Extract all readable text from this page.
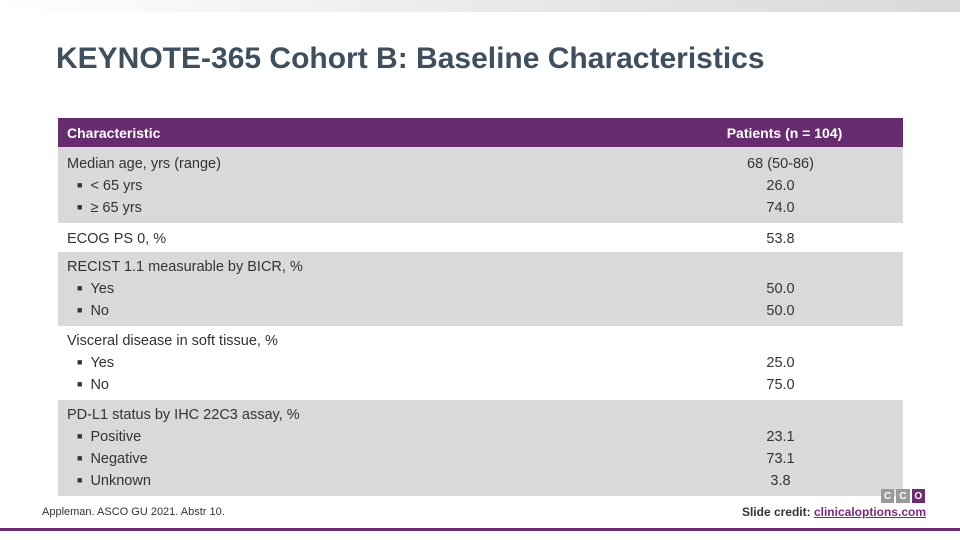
KEYNOTE-365 Cohort B: Baseline Characteristics
Characteristic	Patients (n = 104)
Median age, yrs (range)
■ < 65 yrs
■ ≥ 65 yrs
68 (50-86)
26.0
74.0
ECOG PS 0, %	53.8
RECIST 1.1 measurable by BICR, %
■ Yes
■ No
50.0
50.0
Visceral disease in soft tissue, %
■ Yes
■ No
25.0
75.0
PD-L1 status by IHC 22C3 assay, %
■ Positive
■ Negative
■ Unknown
23.1
73.1
3.8
Appleman. ASCO GU 2021. Abstr 10.
C C O
Slide credit: clinicaloptions.com
